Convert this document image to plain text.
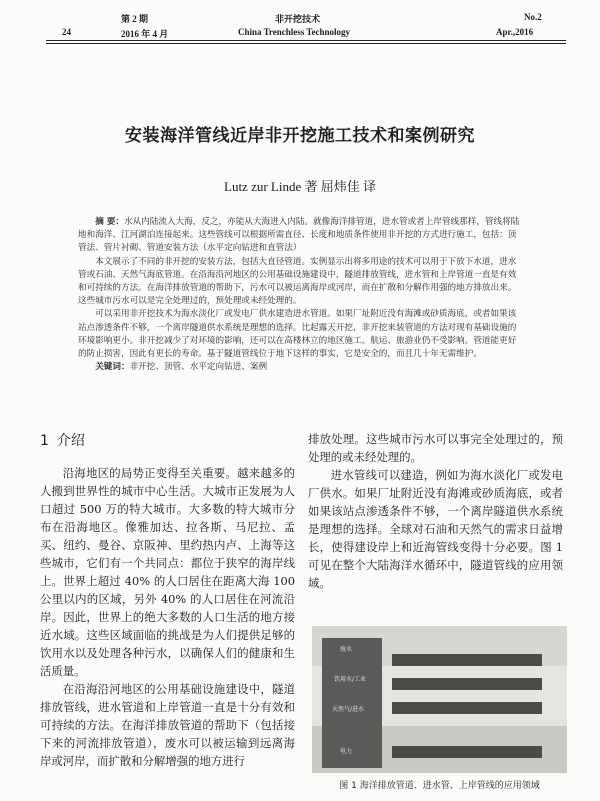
第 2 期	非开挖技术	No.2
24	2016 年 4 月	China Trenchless Technology	Apr.,2016
安装海洋管线近岸非开挖施工技术和案例研究
Lutz zur Linde 著 屈炜佳 译

摘 要：水从内陆流入大海，反之，亦能从大海进入内陆。就像海洋排管道，进水管或者上岸管线那样，管线将陆地和海洋、江河湖泊连接起来。这些管线可以根据所需直径、长度和地质条件使用非开挖的方式进行施工，包括：顶管法、管片衬砌、管道安装方法（水平定向钻进和直管法）

本文展示了不同的非开挖的安装方法，包括大直径管道。实例显示出将多用途的技术可以用于下放下水道，进水管或石油、天然气海底管道。在沿海沿河地区的公用基础设施建设中，隧道排放管线，进水管和上岸管道一直是有效和可持续的方法。在海洋排放管道的帮助下，污水可以被运离海岸或河岸，而在扩散和分解作用强的地方排放出来。这些城市污水可以是完全处理过的，预处理或未经处理的。

可以采用非开挖技术为海水淡化厂或发电厂供水建造进水管道。如果厂址附近没有海滩或砂质海底，或者如果该站点渗透条件不够，一个离岸隧道供水系统是理想的选择。比起露天开挖，非开挖来装管道的方法对现有基础设施的环境影响更小。非开挖减少了对环境的影响，还可以在高楼林立的地区施工。航运、旅游业仍不受影响。管道能更好的防止损害，因此有更长的寿命。基于隧道管线位于地下这样的事实，它是安全的，而且几十年无需维护。

关键词：非开挖、顶管、水平定向钻进、案例

1 介绍

沿海地区的局势正变得至关重要。越来越多的人搬到世界性的城市中心生活。大城市正发展为人口超过 500 万的特大城市。大多数的特大城市分布在沿海地区。像雅加达、拉各斯、马尼拉、孟买、纽约、曼谷、京阪神、里约热内卢、上海等这些城市，它们有一个共同点：都位于狭窄的海岸线上。世界上超过 40% 的人口居住在距离大海 100 公里以内的区域，另外 40% 的人口居住在河流沿岸。因此，世界上的绝大多数的人口生活的地方接近水域。这些区域面临的挑战是为人们提供足够的饮用水以及处理各种污水，以确保人们的健康和生活质量。

在沿海沿河地区的公用基础设施建设中，隧道排放管线，进水管道和上岸管道一直是十分有效和可持续的方法。在海洋排放管道的帮助下（包括接下来的河流排放管道），废水可以被运输到远离海岸或河岸，而扩散和分解增强的地方进行

排放处理。这些城市污水可以事完全处理过的，预处理的或未经处理的。

进水管线可以建造，例如为海水淡化厂或发电厂供水。如果厂址附近没有海滩或砂质海底，或者如果该站点渗透条件不够，一个离岸隧道供水系统是理想的选择。全球对石油和天然气的需求日益增长，使得建设岸上和近海管线变得十分必要。图 1 可见在整个大陆海洋水循环中，隧道管线的应用领域。

废水
饮用水/工业
天然气/进水
电力
图 1 海洋排放管道、进水管、上岸管线的应用领域
